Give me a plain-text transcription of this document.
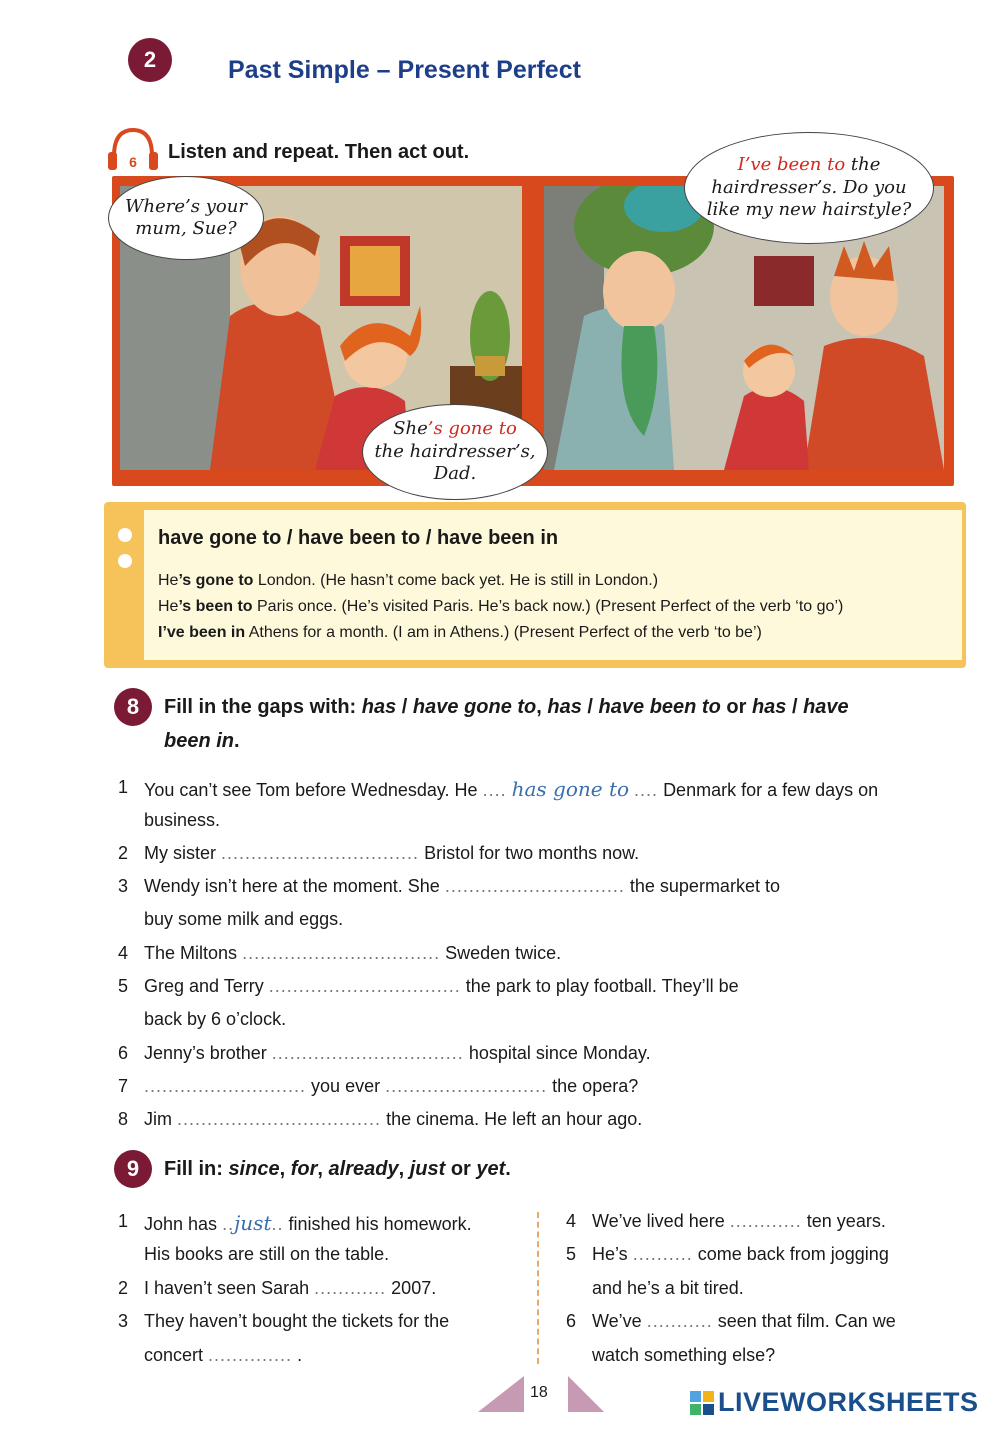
2	Past Simple – Present Perfect
6 Listen and repeat. Then act out.
Where’s your
mum, Sue?
She’s gone to
the hairdresser’s,
Dad.
I’ve been to the
hairdresser’s. Do you
like my new hairstyle?
have gone to / have been to / have been in
He’s gone to London. (He hasn’t come back yet. He is still in London.)
He’s been to Paris once. (He’s visited Paris. He’s back now.) (Present Perfect of the verb ‘to go’)
I’ve been in Athens for a month. (I am in Athens.) (Present Perfect of the verb ‘to be’)
8	Fill in the gaps with: has / have gone to, has / have been to or has / have
been in.
1 You can’t see Tom before Wednesday. He .... has gone to .... Denmark for a few days on
business.
2 My sister ................................. Bristol for two months now.
3 Wendy isn’t here at the moment. She .............................. the supermarket to
buy some milk and eggs.
4 The Miltons ................................. Sweden twice.
5 Greg and Terry ................................ the park to play football. They’ll be
back by 6 o’clock.
6 Jenny’s brother ................................ hospital since Monday.
7 ........................... you ever ........................... the opera?
8 Jim .................................. the cinema. He left an hour ago.
9	Fill in: since, for, already, just or yet.
1 John has ..just.. finished his homework.
His books are still on the table.
2 I haven’t seen Sarah ............ 2007.
3 They haven’t bought the tickets for the
concert .............. .
4 We’ve lived here ............ ten years.
5 He’s .......... come back from jogging
and he’s a bit tired.
6 We’ve ........... seen that film. Can we
watch something else?
18	LIVEWORKSHEETS
